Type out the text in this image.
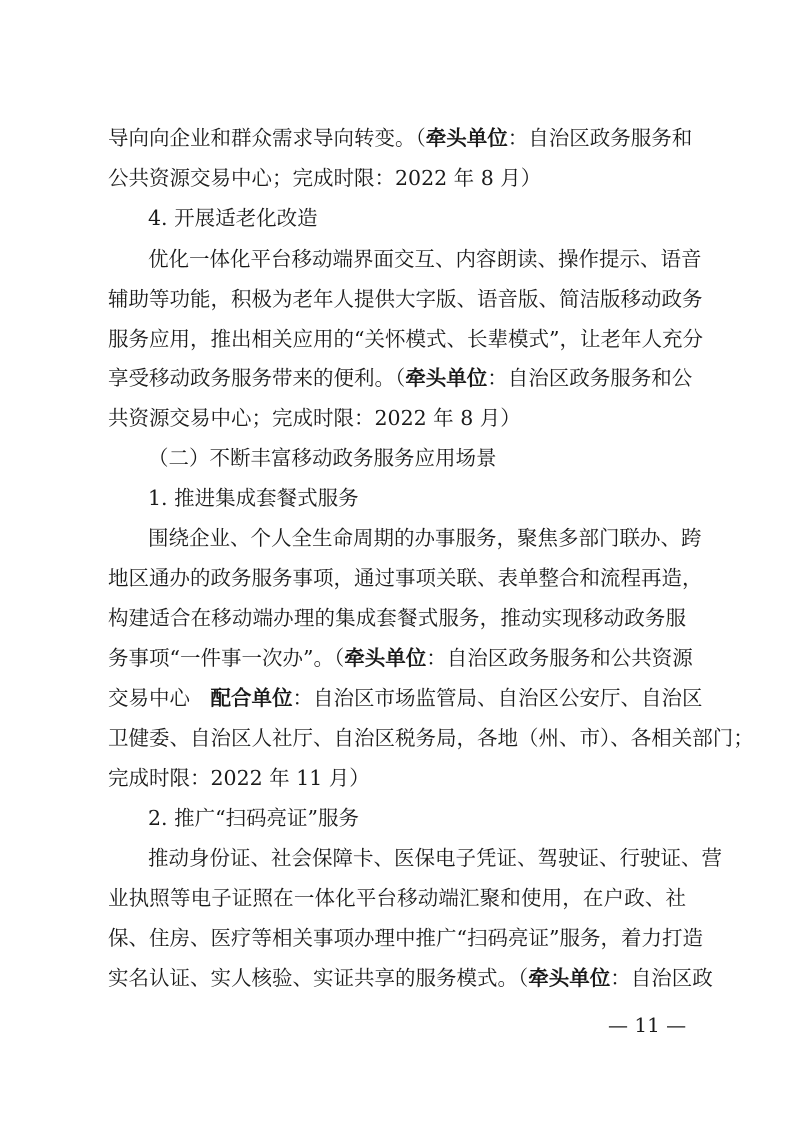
导向向企业和群众需求导向转变。（牵头单位：自治区政务服务和
公共资源交易中心；完成时限：2022 年 8 月）
4. 开展适老化改造
优化一体化平台移动端界面交互、内容朗读、操作提示、语音
辅助等功能，积极为老年人提供大字版、语音版、简洁版移动政务
服务应用，推出相关应用的“关怀模式、长辈模式”，让老年人充分
享受移动政务服务带来的便利。（牵头单位：自治区政务服务和公
共资源交易中心；完成时限：2022 年 8 月）
（二）不断丰富移动政务服务应用场景
1. 推进集成套餐式服务
围绕企业、个人全生命周期的办事服务，聚焦多部门联办、跨
地区通办的政务服务事项，通过事项关联、表单整合和流程再造，
构建适合在移动端办理的集成套餐式服务，推动实现移动政务服
务事项“一件事一次办”。（牵头单位：自治区政务服务和公共资源
交易中心　配合单位：自治区市场监管局、自治区公安厅、自治区
卫健委、自治区人社厅、自治区税务局，各地（州、市）、各相关部门；
完成时限：2022 年 11 月）
2. 推广“扫码亮证”服务
推动身份证、社会保障卡、医保电子凭证、驾驶证、行驶证、营
业执照等电子证照在一体化平台移动端汇聚和使用，在户政、社
保、住房、医疗等相关事项办理中推广“扫码亮证”服务，着力打造
实名认证、实人核验、实证共享的服务模式。（牵头单位：自治区政
— 11 —
